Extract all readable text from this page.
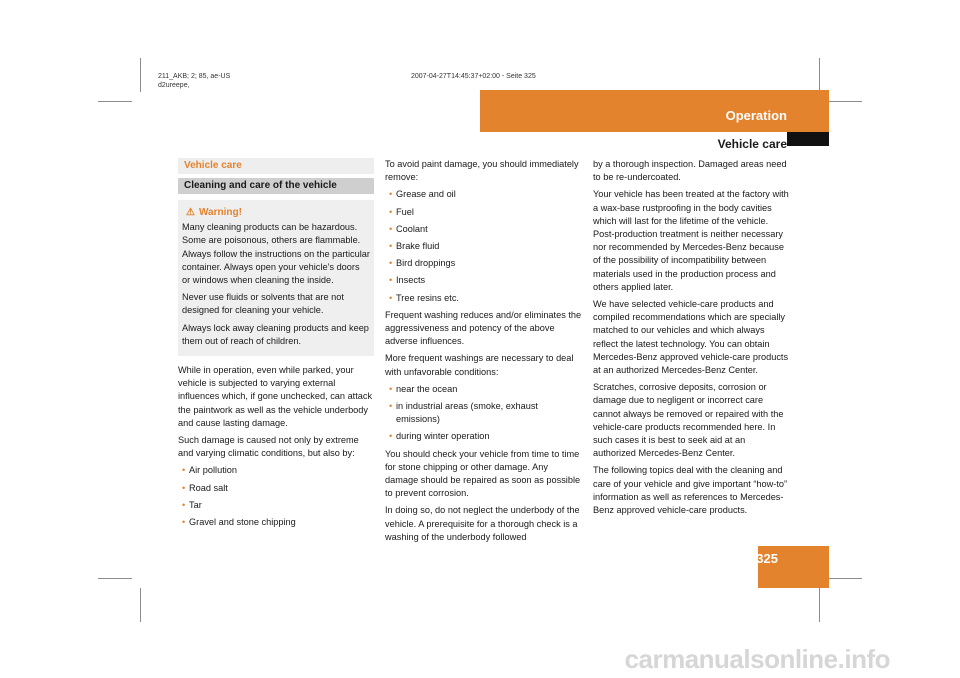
211_AKB; 2; 85, ae-US
d2ureepe,
2007-04-27T14:45:37+02:00 - Seite 325
Operation
Vehicle care
Vehicle care
Cleaning and care of the vehicle
⚠ Warning!

Many cleaning products can be hazardous. Some are poisonous, others are flammable. Always follow the instructions on the particular container. Always open your vehicle’s doors or windows when cleaning the inside.

Never use fluids or solvents that are not designed for cleaning your vehicle.

Always lock away cleaning products and keep them out of reach of children.

While in operation, even while parked, your vehicle is subjected to varying external influences which, if gone unchecked, can attack the paintwork as well as the vehicle underbody and cause lasting damage.

Such damage is caused not only by extreme and varying climatic conditions, but also by:

• Air pollution
• Road salt
• Tar
• Gravel and stone chipping

To avoid paint damage, you should immediately remove:

• Grease and oil
• Fuel
• Coolant
• Brake fluid
• Bird droppings
• Insects
• Tree resins etc.

Frequent washing reduces and/or eliminates the aggressiveness and potency of the above adverse influences.

More frequent washings are necessary to deal with unfavorable conditions:

• near the ocean
• in industrial areas (smoke, exhaust emissions)
• during winter operation

You should check your vehicle from time to time for stone chipping or other damage. Any damage should be repaired as soon as possible to prevent corrosion.

In doing so, do not neglect the underbody of the vehicle. A prerequisite for a thorough check is a washing of the underbody followed

by a thorough inspection. Damaged areas need to be re-undercoated.

Your vehicle has been treated at the factory with a wax-base rustproofing in the body cavities which will last for the lifetime of the vehicle. Post-production treatment is neither necessary nor recommended by Mercedes-Benz because of the possibility of incompatibility between materials used in the production process and others applied later.

We have selected vehicle-care products and compiled recommendations which are specially matched to our vehicles and which always reflect the latest technology. You can obtain Mercedes-Benz approved vehicle-care products at an authorized Mercedes-Benz Center.

Scratches, corrosive deposits, corrosion or damage due to negligent or incorrect care cannot always be removed or repaired with the vehicle-care products recommended here. In such cases it is best to seek aid at an authorized Mercedes-Benz Center.

The following topics deal with the cleaning and care of your vehicle and give important “how-to” information as well as references to Mercedes-Benz approved vehicle-care products.

325
carmanualsonline.info
